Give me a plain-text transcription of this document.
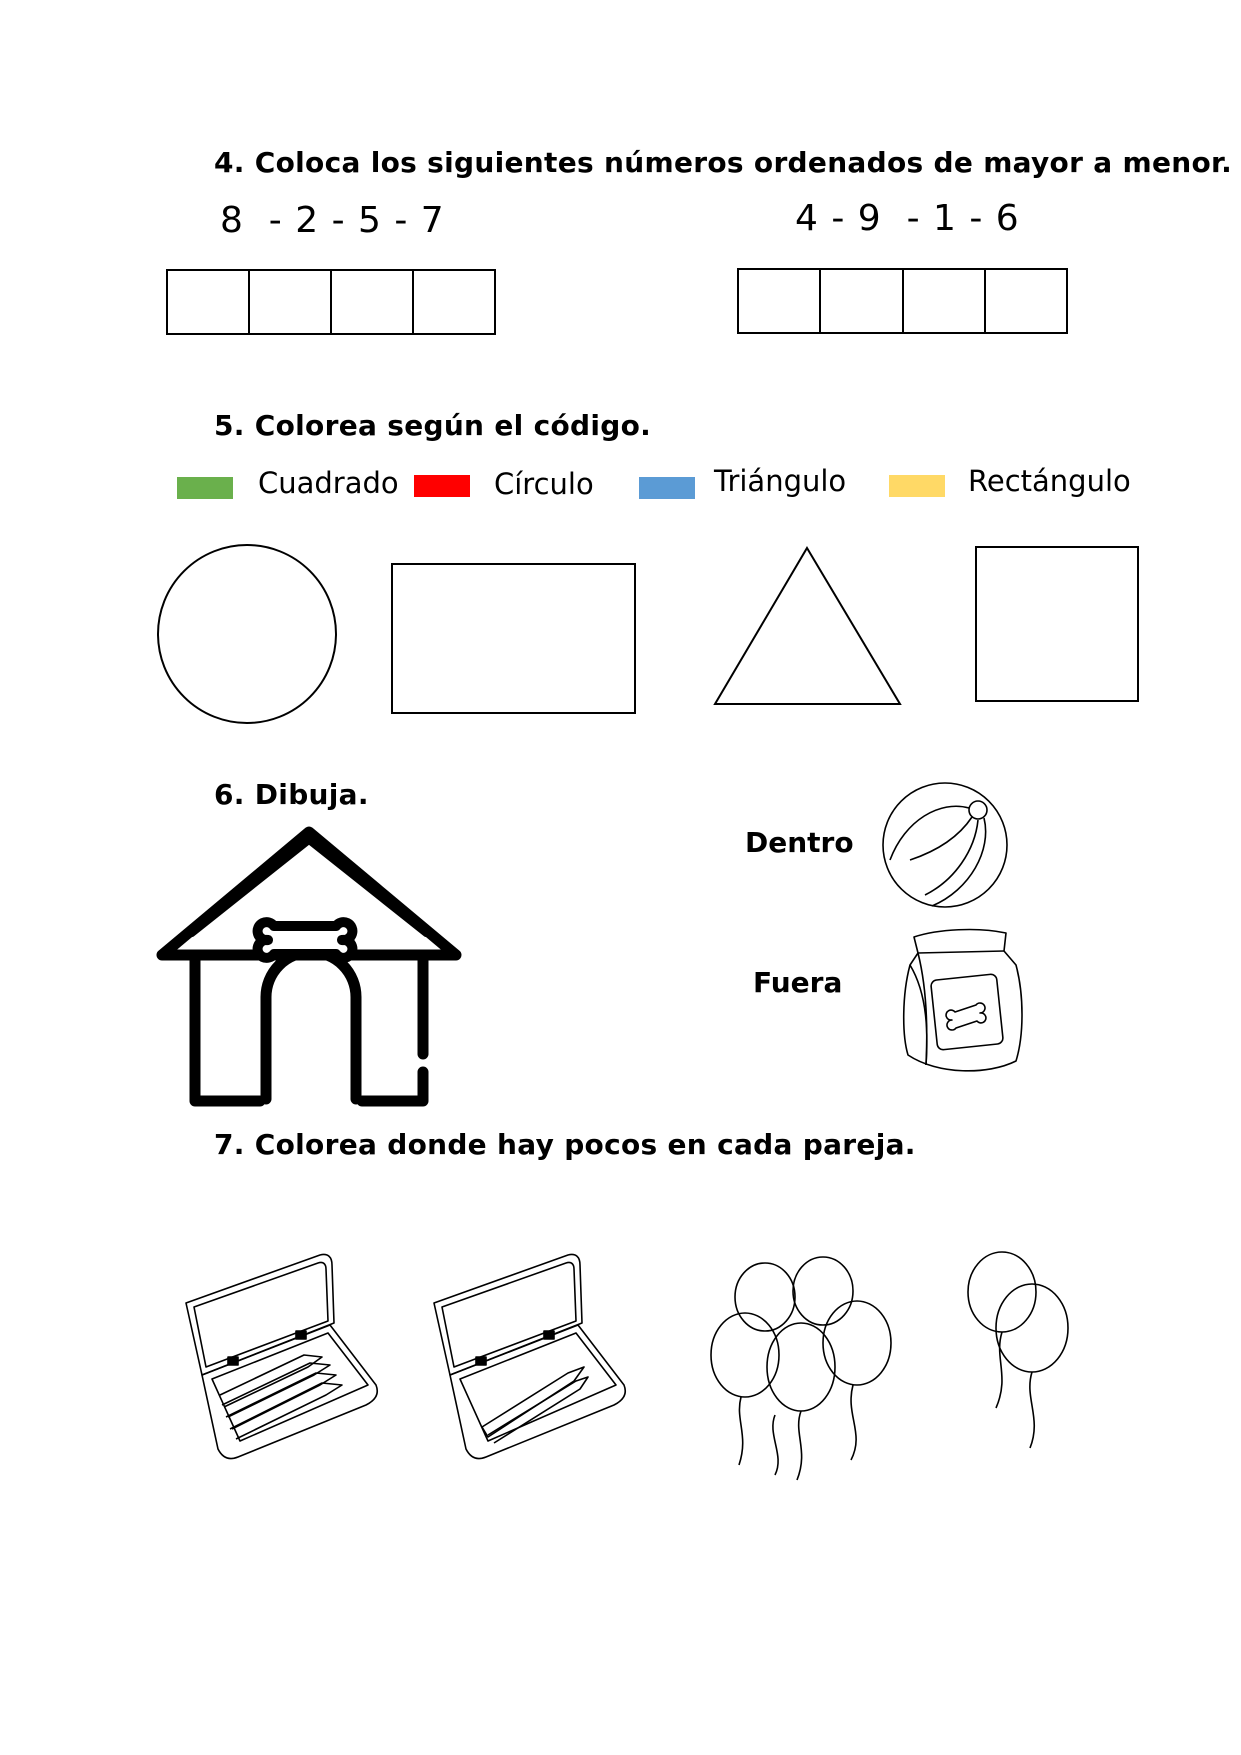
4. Coloca los siguientes números ordenados de mayor a menor.
8  - 2 - 5 - 7	4 - 9  - 1 - 6
5. Colorea según el código.
Cuadrado	Círculo	Triángulo	Rectángulo
6. Dibuja.
Dentro
Fuera
7. Colorea donde hay pocos en cada pareja.
